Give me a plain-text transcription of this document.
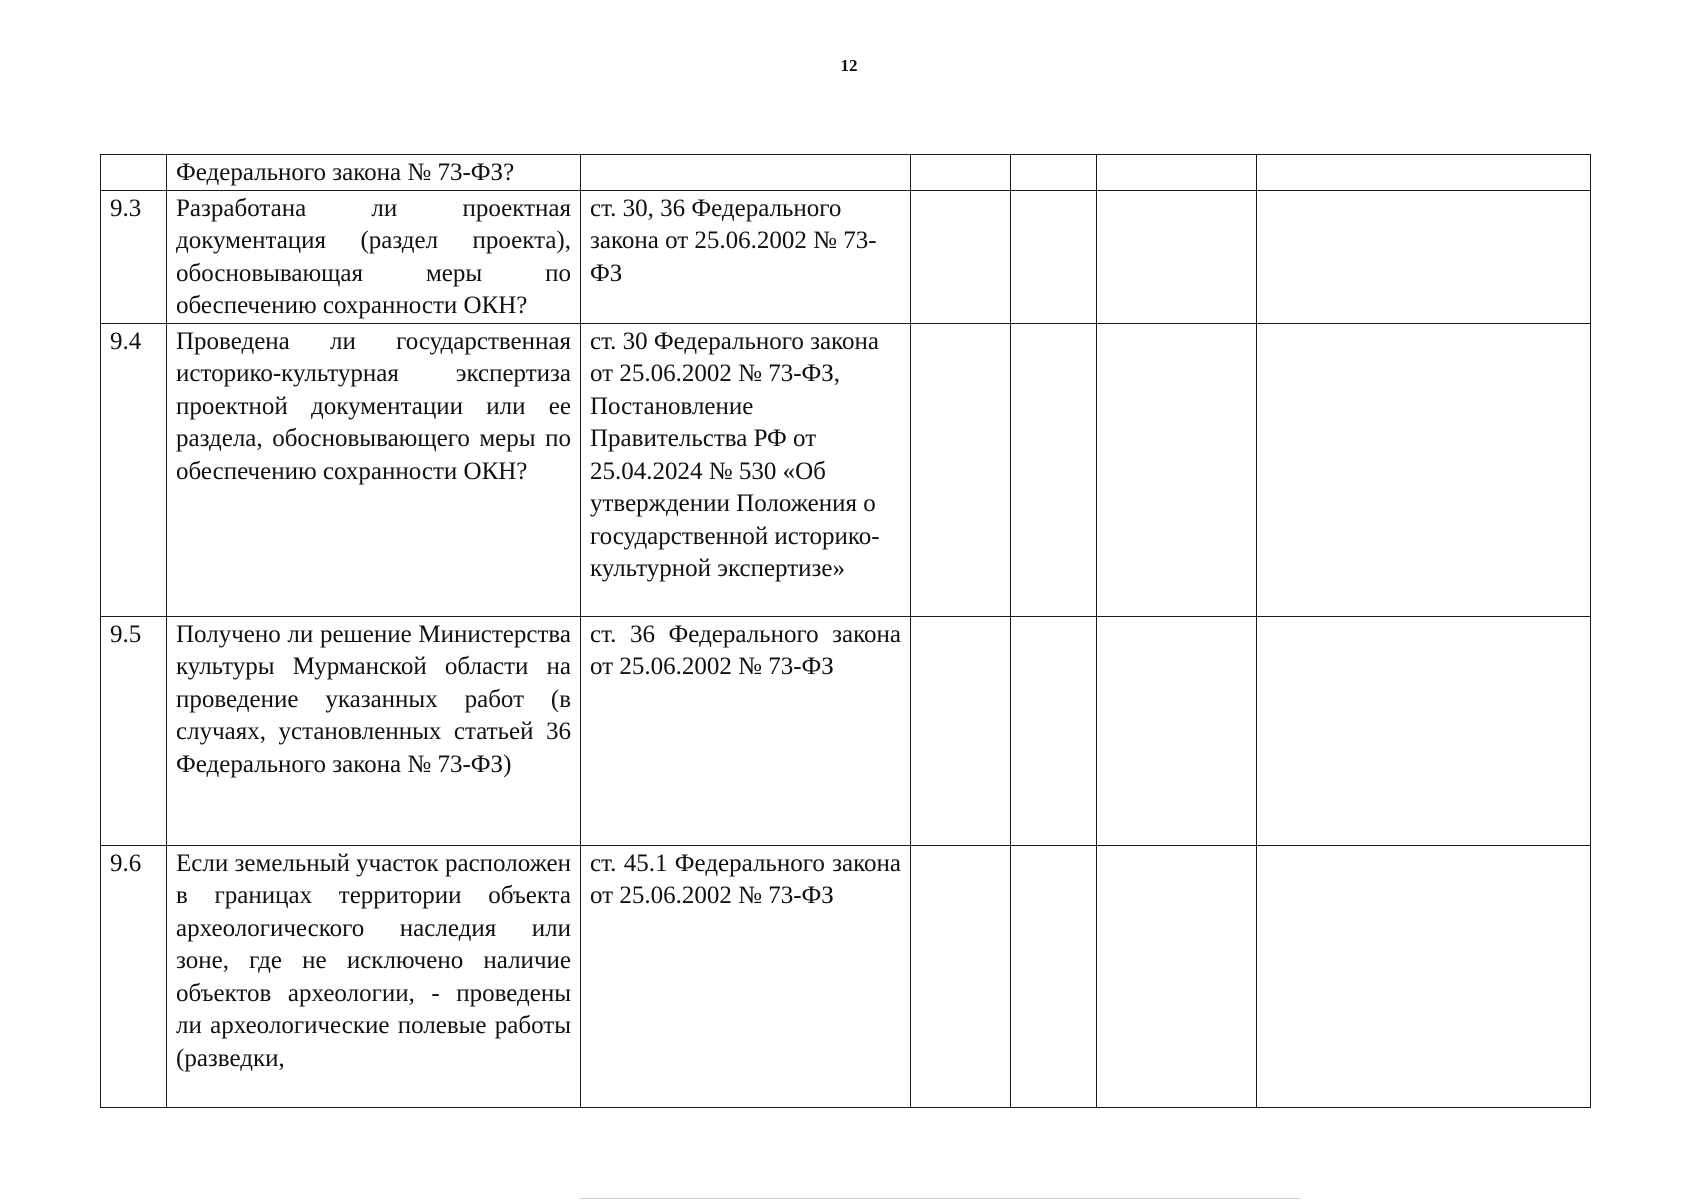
12
	Федерального закона № 73-ФЗ?					
9.3	Разработана ли проектная документация (раздел проекта), обосновывающая меры по обеспечению сохранности ОКН?	ст. 30, 36 Федерального закона от 25.06.2002 № 73-ФЗ				
9.4	Проведена ли государственная историко-культурная экспертиза проектной документации или ее раздела, обосновывающего меры по обеспечению сохранности ОКН?	ст. 30 Федерального закона от 25.06.2002 № 73-ФЗ, Постановление Правительства РФ от 25.04.2024 № 530 «Об утверждении Положения о государственной историко-культурной экспертизе»				
9.5	Получено ли решение Министерства культуры Мурманской области на проведение указанных работ (в случаях, установленных статьей 36 Федерального закона № 73-ФЗ)	ст. 36 Федерального закона от 25.06.2002 № 73-ФЗ				
9.6	Если земельный участок расположен в границах территории объекта археологического наследия или зоне, где не исключено наличие объектов археологии, - проведены ли археологические полевые работы (разведки,	ст. 45.1 Федерального закона от 25.06.2002 № 73-ФЗ				
